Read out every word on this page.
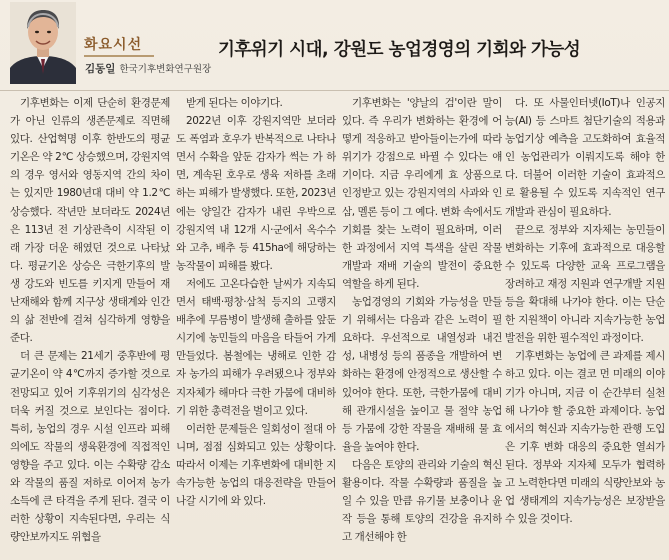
화요시선
김동일 한국기후변화연구원장
기후위기 시대, 강원도 농업경영의 기회와 가능성

기후변화는 이제 단순히 환경문제가 아닌 인류의 생존문제로 직면해 있다. 산업혁명 이후 한반도의 평균기온은 약 2℃ 상승했으며, 강원지역의 경우 영서와 영동지역 간의 차이는 있지만 1980년대 대비 약 1.2℃ 상승했다. 작년만 보더라도 2024년은 113년 전 기상관측이 시작된 이래 가장 더운 해였던 것으로 나타났다. 평균기온 상승은 극한기후의 발생 강도와 빈도를 키지게 만들어 재난재해와 함께 지구상 생태계와 인간의 삶 전반에 걸쳐 심각하게 영향을 준다.

더 큰 문제는 21세기 중후반에 평균기온이 약 4℃까지 증가할 것으로 전망되고 있어 기후위기의 심각성은 더욱 커질 것으로 보인다는 점이다. 특히, 농업의 경우 시설 인프라 피해 의에도 작물의 생육환경에 직접적인 영향을 주고 있다. 이는 수확량 감소와 작물의 품질 저하로 이어져 농가 소득에 큰 타격을 주게 된다. 결국 이러한 상황이 지속된다면, 우리는 식량안보까지도 위협을

받게 된다는 이야기다.

2022년 이후 강원지역만 보더라도 폭염과 호우가 반복적으로 나타나면서 수확을 앞둔 감자가 썩는 가 하면, 계속된 호우로 생육 저하를 초래하는 피해가 발생했다. 또한, 2023년에는 양일간 감자가 내린 우박으로 강원지역 내 12개 시·군에서 옥수수와 고추, 배추 등 415ha에 해당하는 농작물이 피해를 봤다.

저에도 고온다습한 날씨가 지속되면서 태백·평창·삼척 등지의 고랭지 배추에 무름병이 발생해 출하를 앞둔 시기에 농민들의 마음을 타들어 가게 만들었다. 봄철에는 냉해로 인한 감자 농가의 피해가 우려됐으나 정부와 지자체가 해마다 극한 가뭄에 대비하기 위한 총력전을 벌이고 있다.

이러한 문제들은 일회성이 절대 아니며, 점점 심화되고 있는 상황이다. 따라서 이제는 기후변화에 대비한 지속가능한 농업의 대응전략을 만들어 나갈 시기에 와 있다.

기후변화는 '양날의 검'이란 말이 있다. 즉 우리가 변화하는 환경에 어떻게 적응하고 받아들이는가에 따라 위기가 강점으로 바뀔 수 있다는 얘기이다. 지금 우리에게 효 상품으로 인정받고 있는 강원지역의 사과와 인삼, 멜론 등이 그 예다. 변화 속에서도 기회를 찾는 노력이 필요하며, 이러한 과정에서 지역 특색을 살린 작물 개발과 재배 기술의 발전이 중요한 역할을 하게 된다.

농업경영의 기회와 가능성을 만들기 위해서는 다음과 같은 노력이 필요하다. 우선적으로 내열성과 내건성, 내병성 등의 품종을 개발하여 변화하는 환경에 안정적으로 생산할 수 있어야 한다. 또한, 극한가뭄에 대비해 관개시설을 높이고 물 절약 농업 등 가뭄에 강한 작물을 재배해 물 효율을 높여야 한다.

다음은 토양의 관리와 기술의 혁신 활용이다. 작물 수확량과 품질을 높일 수 있을 만큼 유기물 보충이나 윤작 등을 통해 토양의 건강을 유지하고 개선해야 한

다. 또 사물인터넷(IoT)나 인공지능(AI) 등 스마트 첨단기술의 적용과 농업기상 예측을 고도화하여 효율적인 농업관리가 이뤄지도록 해야 한다. 더불어 이러한 기술이 효과적으로 활용될 수 있도록 지속적인 연구개발과 관심이 필요하다.

끝으로 정부와 지자체는 농민들이 변화하는 기후에 효과적으로 대응할 수 있도록 다양한 교육 프로그램을 장려하고 재정 지원과 연구개발 지원 등을 확대해 나가야 한다. 이는 단순한 지원책이 아니라 지속가능한 농업발전을 위한 필수적인 과정이다.

기후변화는 농업에 큰 과제를 제시하고 있다. 이는 결코 먼 미래의 이야기가 아니며, 지금 이 순간부터 실천해 나가야 할 중요한 과제이다. 농업에서의 혁신과 지속가능한 관행 도입은 기후 변화 대응의 중요한 열쇠가 된다. 정부와 지자체 모두가 협력하고 노력한다면 미래의 식량안보와 농업 생태계의 지속가능성은 보장받을 수 있을 것이다.
